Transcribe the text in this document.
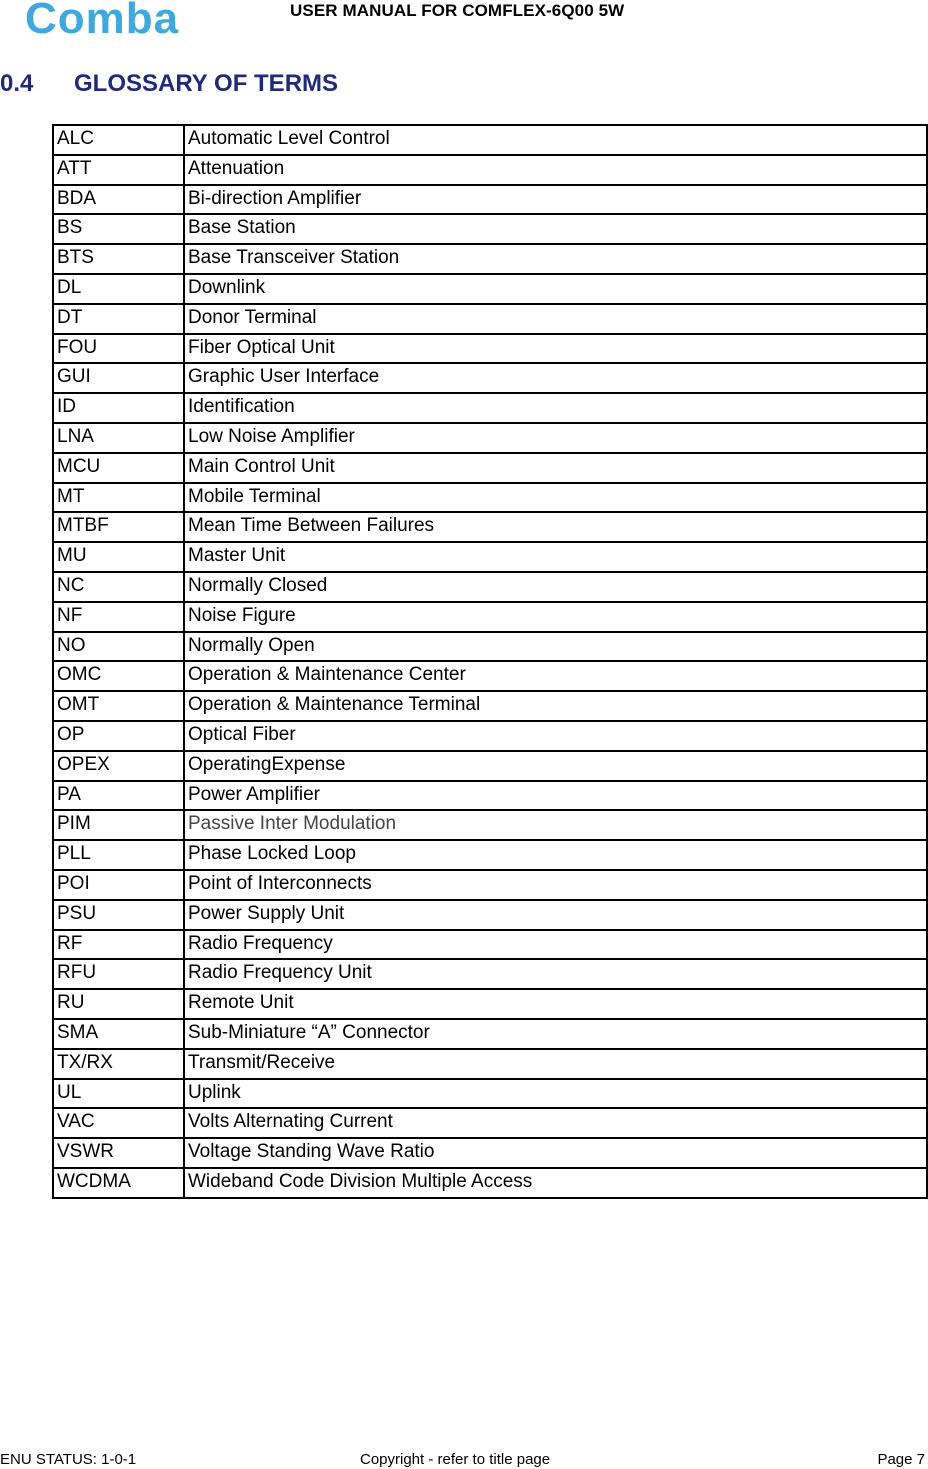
Comba	USER MANUAL FOR COMFLEX-6Q00 5W
0.4 GLOSSARY OF TERMS
ALC	Automatic Level Control
ATT	Attenuation
BDA	Bi-direction Amplifier
BS	Base Station
BTS	Base Transceiver Station
DL	Downlink
DT	Donor Terminal
FOU	Fiber Optical Unit
GUI	Graphic User Interface
ID	Identification
LNA	Low Noise Amplifier
MCU	Main Control Unit
MT	Mobile Terminal
MTBF	Mean Time Between Failures
MU	Master Unit
NC	Normally Closed
NF	Noise Figure
NO	Normally Open
OMC	Operation & Maintenance Center
OMT	Operation & Maintenance Terminal
OP	Optical Fiber
OPEX	OperatingExpense
PA	Power Amplifier
PIM	Passive Inter Modulation
PLL	Phase Locked Loop
POI	Point of Interconnects
PSU	Power Supply Unit
RF	Radio Frequency
RFU	Radio Frequency Unit
RU	Remote Unit
SMA	Sub-Miniature “A” Connector
TX/RX	Transmit/Receive
UL	Uplink
VAC	Volts Alternating Current
VSWR	Voltage Standing Wave Ratio
WCDMA	Wideband Code Division Multiple Access
ENU STATUS: 1-0-1	Copyright - refer to title page	Page 7
